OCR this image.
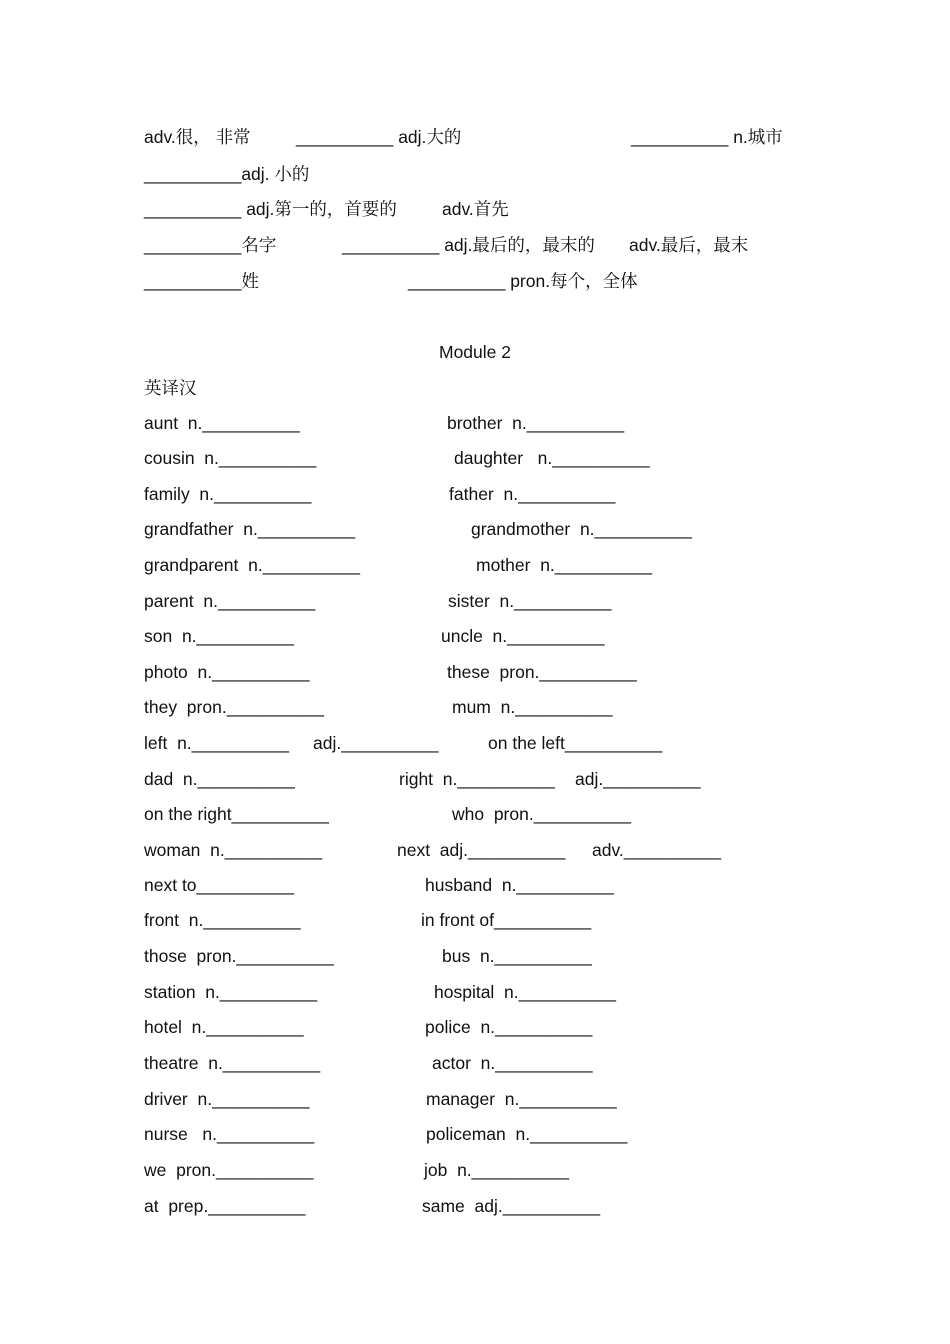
adv.很， 非常	__________ adj.大的	__________ n.城市
__________adj. 小的
__________ adj.第一的，首要的	adv.首先
__________名字	__________ adj.最后的，最末的 adv.最后，最末
__________姓	__________ pron.每个，全体
Module 2
英译汉
aunt  n.__________	brother  n.__________
cousin  n.__________	daughter   n.__________
family  n.__________	father  n.__________
grandfather  n.__________	grandmother  n.__________
grandparent  n.__________	mother  n.__________
parent  n.__________	sister  n.__________
son  n.__________	uncle  n.__________
photo  n.__________	these  pron.__________
they  pron.__________	mum  n.__________
left  n.__________ adj.__________	on the left__________
dad  n.__________	right  n.__________ adj.__________
on the right__________	who  pron.__________
woman  n.__________	next  adj.__________ adv.__________
next to__________	husband  n.__________
front  n.__________	in front of__________
those  pron.__________	bus  n.__________
station  n.__________	hospital  n.__________
hotel  n.__________	police  n.__________
theatre  n.__________	actor  n.__________
driver  n.__________	manager  n.__________
nurse   n.__________	policeman  n.__________
we  pron.__________	job  n.__________
at  prep.__________	same  adj.__________
